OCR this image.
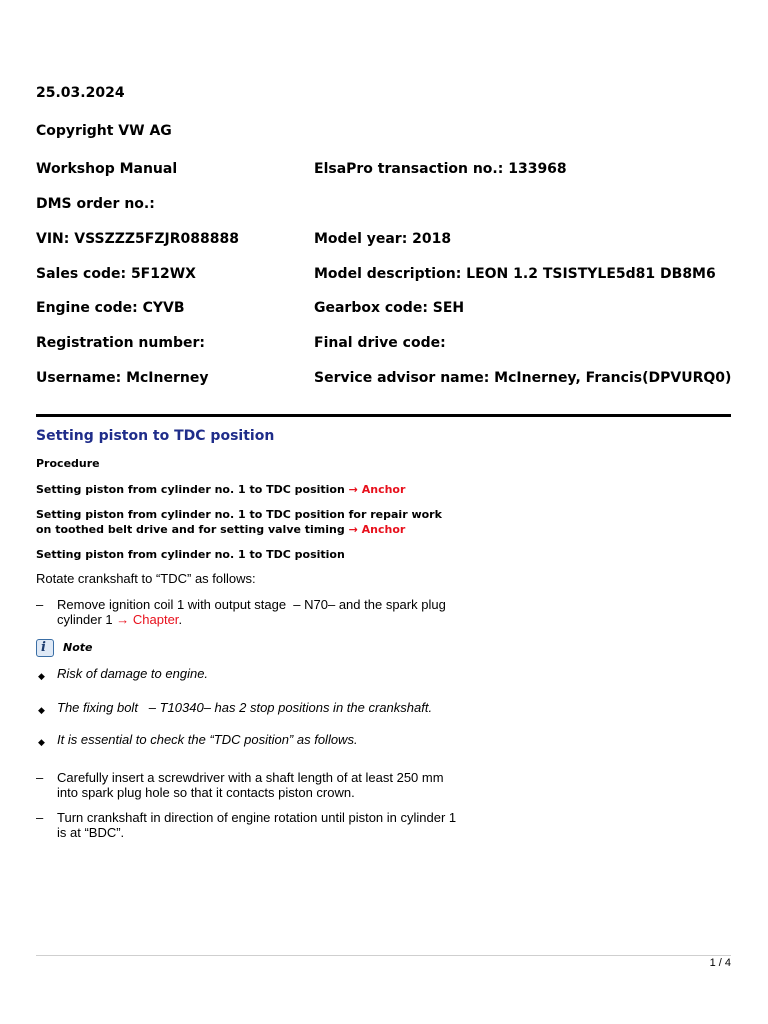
25.03.2024
Copyright VW AG
Workshop Manual	ElsaPro transaction no.: 133968
DMS order no.:
VIN: VSSZZZ5FZJR088888	Model year: 2018
Sales code: 5F12WX	Model description: LEON 1.2 TSISTYLE5d81 DB8M6
Engine code: CYVB	Gearbox code: SEH
Registration number:	Final drive code:
Username: McInerney	Service advisor name: McInerney, Francis(DPVURQ0)
Setting piston to TDC position
Procedure
Setting piston from cylinder no. 1 to TDC position → Anchor
Setting piston from cylinder no. 1 to TDC position for repair work on toothed belt drive and for setting valve timing → Anchor
Setting piston from cylinder no. 1 to TDC position
Rotate crankshaft to “TDC” as follows:
– Remove ignition coil 1 with output stage  – N70– and the spark plug cylinder 1 → Chapter.
i Note
◆ Risk of damage to engine.
◆ The fixing bolt   – T10340– has 2 stop positions in the crankshaft.
◆ It is essential to check the “TDC position” as follows.
– Carefully insert a screwdriver with a shaft length of at least 250 mm into spark plug hole so that it contacts piston crown.
– Turn crankshaft in direction of engine rotation until piston in cylinder 1 is at “BDC”.
1 / 4
